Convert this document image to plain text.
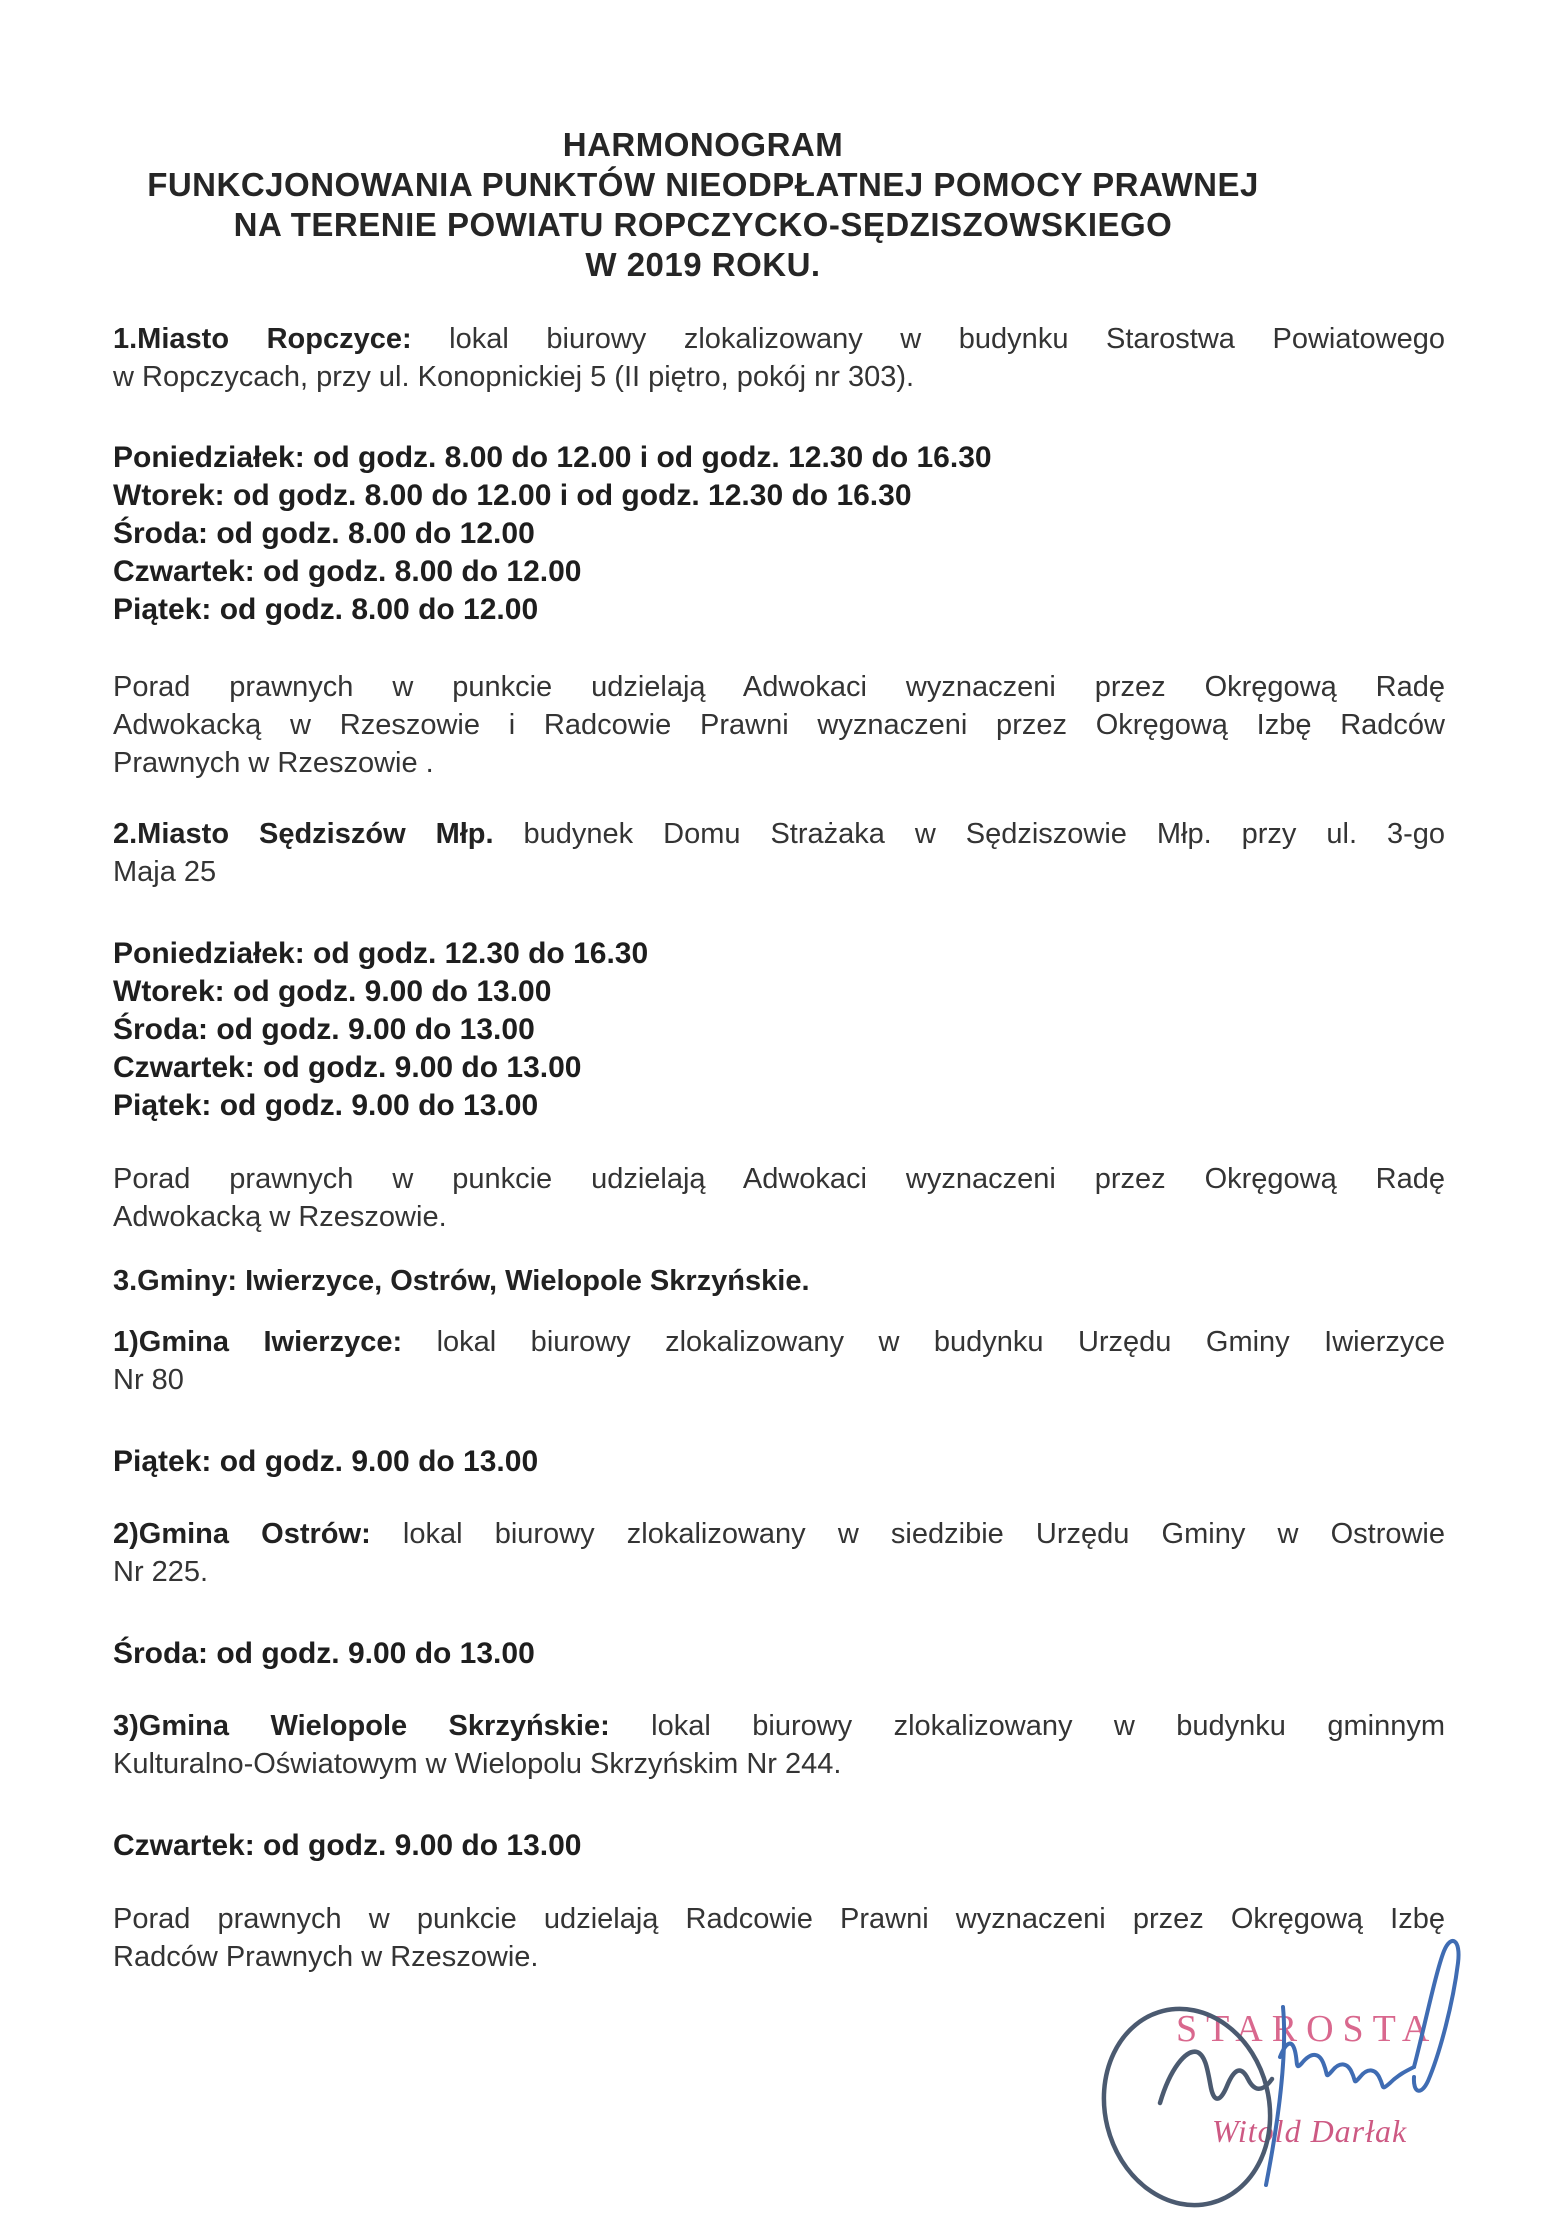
HARMONOGRAM
FUNKCJONOWANIA PUNKTÓW NIEODPŁATNEJ POMOCY PRAWNEJ
NA TERENIE POWIATU ROPCZYCKO-SĘDZISZOWSKIEGO
W 2019 ROKU.
1.Miasto Ropczyce: lokal biurowy zlokalizowany w budynku Starostwa Powiatowego
w Ropczycach, przy ul. Konopnickiej 5 (II piętro, pokój nr 303).
Poniedziałek: od godz. 8.00 do 12.00 i od godz. 12.30 do 16.30
Wtorek: od godz. 8.00 do 12.00 i od godz. 12.30 do 16.30
Środa: od godz. 8.00 do 12.00
Czwartek: od godz. 8.00 do 12.00
Piątek: od godz. 8.00 do 12.00
Porad prawnych w punkcie udzielają Adwokaci wyznaczeni przez Okręgową Radę
Adwokacką w Rzeszowie i Radcowie Prawni wyznaczeni przez Okręgową Izbę Radców
Prawnych w Rzeszowie .
2.Miasto Sędziszów Młp. budynek Domu Strażaka w Sędziszowie Młp. przy ul. 3-go
Maja 25
Poniedziałek: od godz. 12.30 do 16.30
Wtorek: od godz. 9.00 do 13.00
Środa: od godz. 9.00 do 13.00
Czwartek: od godz. 9.00 do 13.00
Piątek: od godz. 9.00 do 13.00
Porad prawnych w punkcie udzielają Adwokaci wyznaczeni przez Okręgową Radę
Adwokacką w Rzeszowie.
3.Gminy: Iwierzyce, Ostrów, Wielopole Skrzyńskie.
1)Gmina Iwierzyce: lokal biurowy zlokalizowany w budynku Urzędu Gminy Iwierzyce
Nr 80
Piątek: od godz. 9.00 do 13.00
2)Gmina Ostrów: lokal biurowy zlokalizowany w siedzibie Urzędu Gminy w Ostrowie
Nr 225.
Środa: od godz. 9.00 do 13.00
3)Gmina Wielopole Skrzyńskie: lokal biurowy zlokalizowany w budynku gminnym
Kulturalno-Oświatowym w Wielopolu Skrzyńskim Nr 244.
Czwartek: od godz. 9.00 do 13.00
Porad prawnych w punkcie udzielają Radcowie Prawni wyznaczeni przez Okręgową Izbę
Radców Prawnych w Rzeszowie.
STAROSTA
Witold Darłak
